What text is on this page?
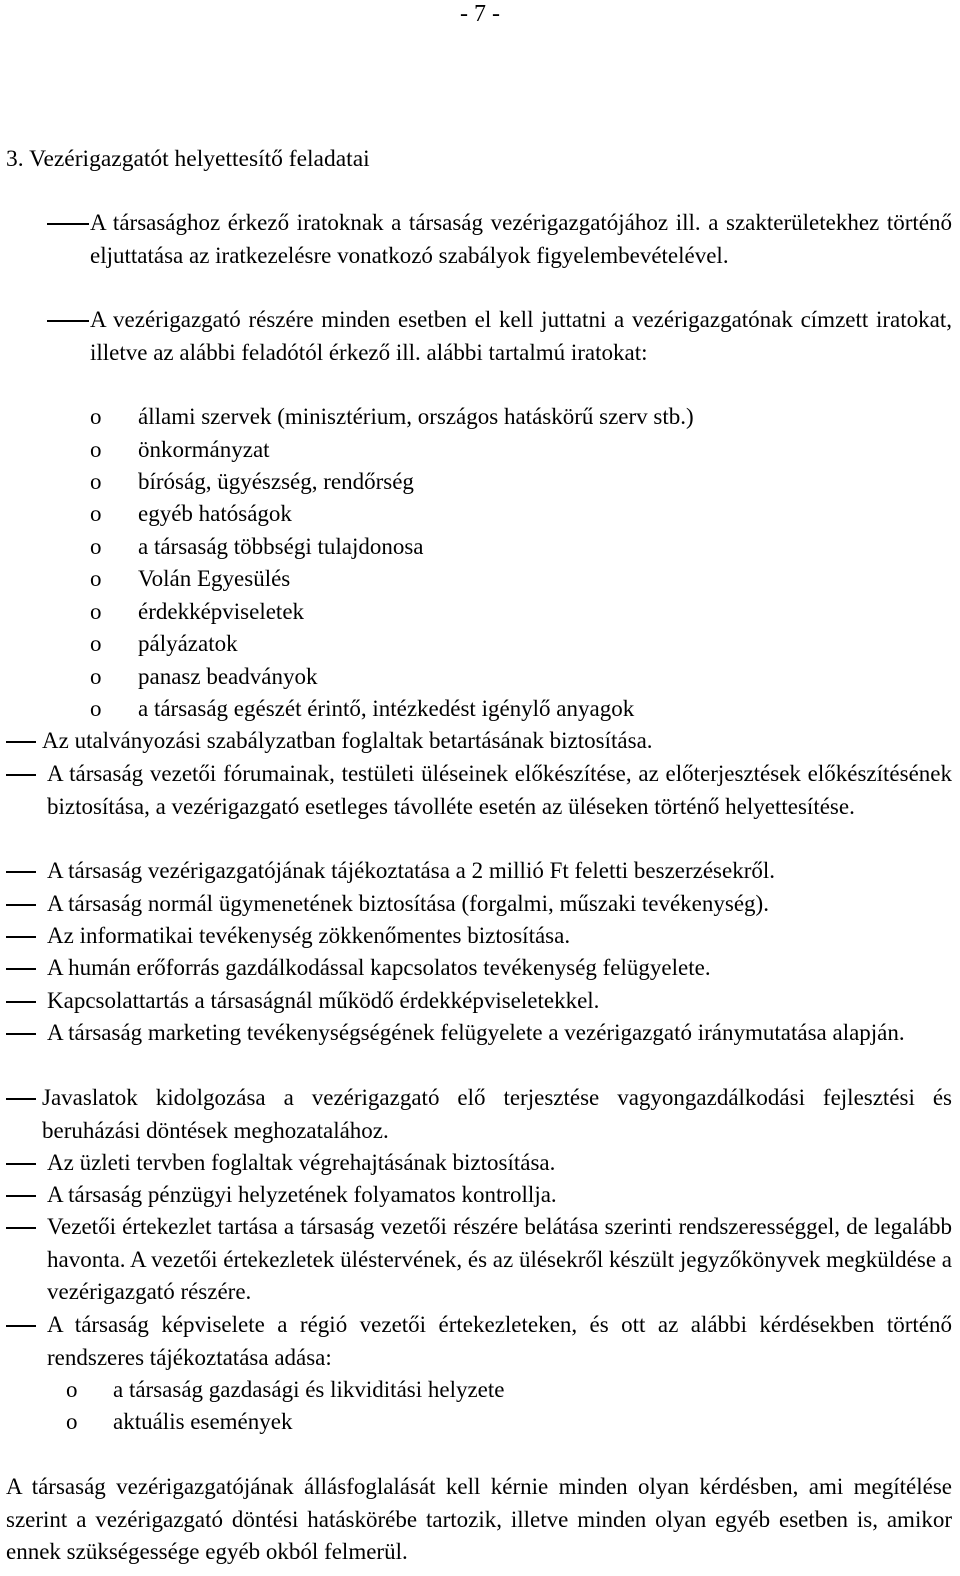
- 7 -
3. Vezérigazgatót helyettesítő feladatai
A társasághoz érkező iratoknak a társaság vezérigazgatójához ill. a szakterületekhez történő eljuttatása az iratkezelésre vonatkozó szabályok figyelembevételével.
A vezérigazgató részére minden esetben el kell juttatni a vezérigazgatónak címzett iratokat, illetve az alábbi feladótól érkező ill. alábbi tartalmú iratokat:
o állami szervek (minisztérium, országos hatáskörű szerv stb.)
o önkormányzat
o bíróság, ügyészség, rendőrség
o egyéb hatóságok
o a társaság többségi tulajdonosa
o Volán Egyesülés
o érdekképviseletek
o pályázatok
o panasz beadványok
o a társaság egészét érintő, intézkedést igénylő anyagok
Az utalványozási szabályzatban foglaltak betartásának biztosítása.
A társaság vezetői fórumainak, testületi üléseinek előkészítése, az előterjesztések előkészítésének biztosítása, a vezérigazgató esetleges távolléte esetén az üléseken történő helyettesítése.
A társaság vezérigazgatójának tájékoztatása a 2 millió Ft feletti beszerzésekről.
A társaság normál ügymenetének biztosítása (forgalmi, műszaki tevékenység).
Az informatikai tevékenység zökkenőmentes biztosítása.
A humán erőforrás gazdálkodással kapcsolatos tevékenység felügyelete.
Kapcsolattartás a társaságnál működő érdekképviseletekkel.
A társaság marketing tevékenységségének felügyelete a vezérigazgató iránymutatása alapján.
Javaslatok kidolgozása a vezérigazgató elő terjesztése vagyongazdálkodási fejlesztési és beruházási döntések meghozatalához.
Az üzleti tervben foglaltak végrehajtásának biztosítása.
A társaság pénzügyi helyzetének folyamatos kontrollja.
Vezetői értekezlet tartása a társaság vezetői részére belátása szerinti rendszerességgel, de legalább havonta. A vezetői értekezletek üléstervének, és az ülésekről készült jegyzőkönyvek megküldése a vezérigazgató részére.
A társaság képviselete a régió vezetői értekezleteken, és ott az alábbi kérdésekben történő rendszeres tájékoztatása adása:
o a társaság gazdasági és likviditási helyzete
o aktuális események
A társaság vezérigazgatójának állásfoglalását kell kérnie minden olyan kérdésben, ami megítélése szerint a vezérigazgató döntési hatáskörébe tartozik, illetve minden olyan egyéb esetben is, amikor ennek szükségessége egyéb okból felmerül.
